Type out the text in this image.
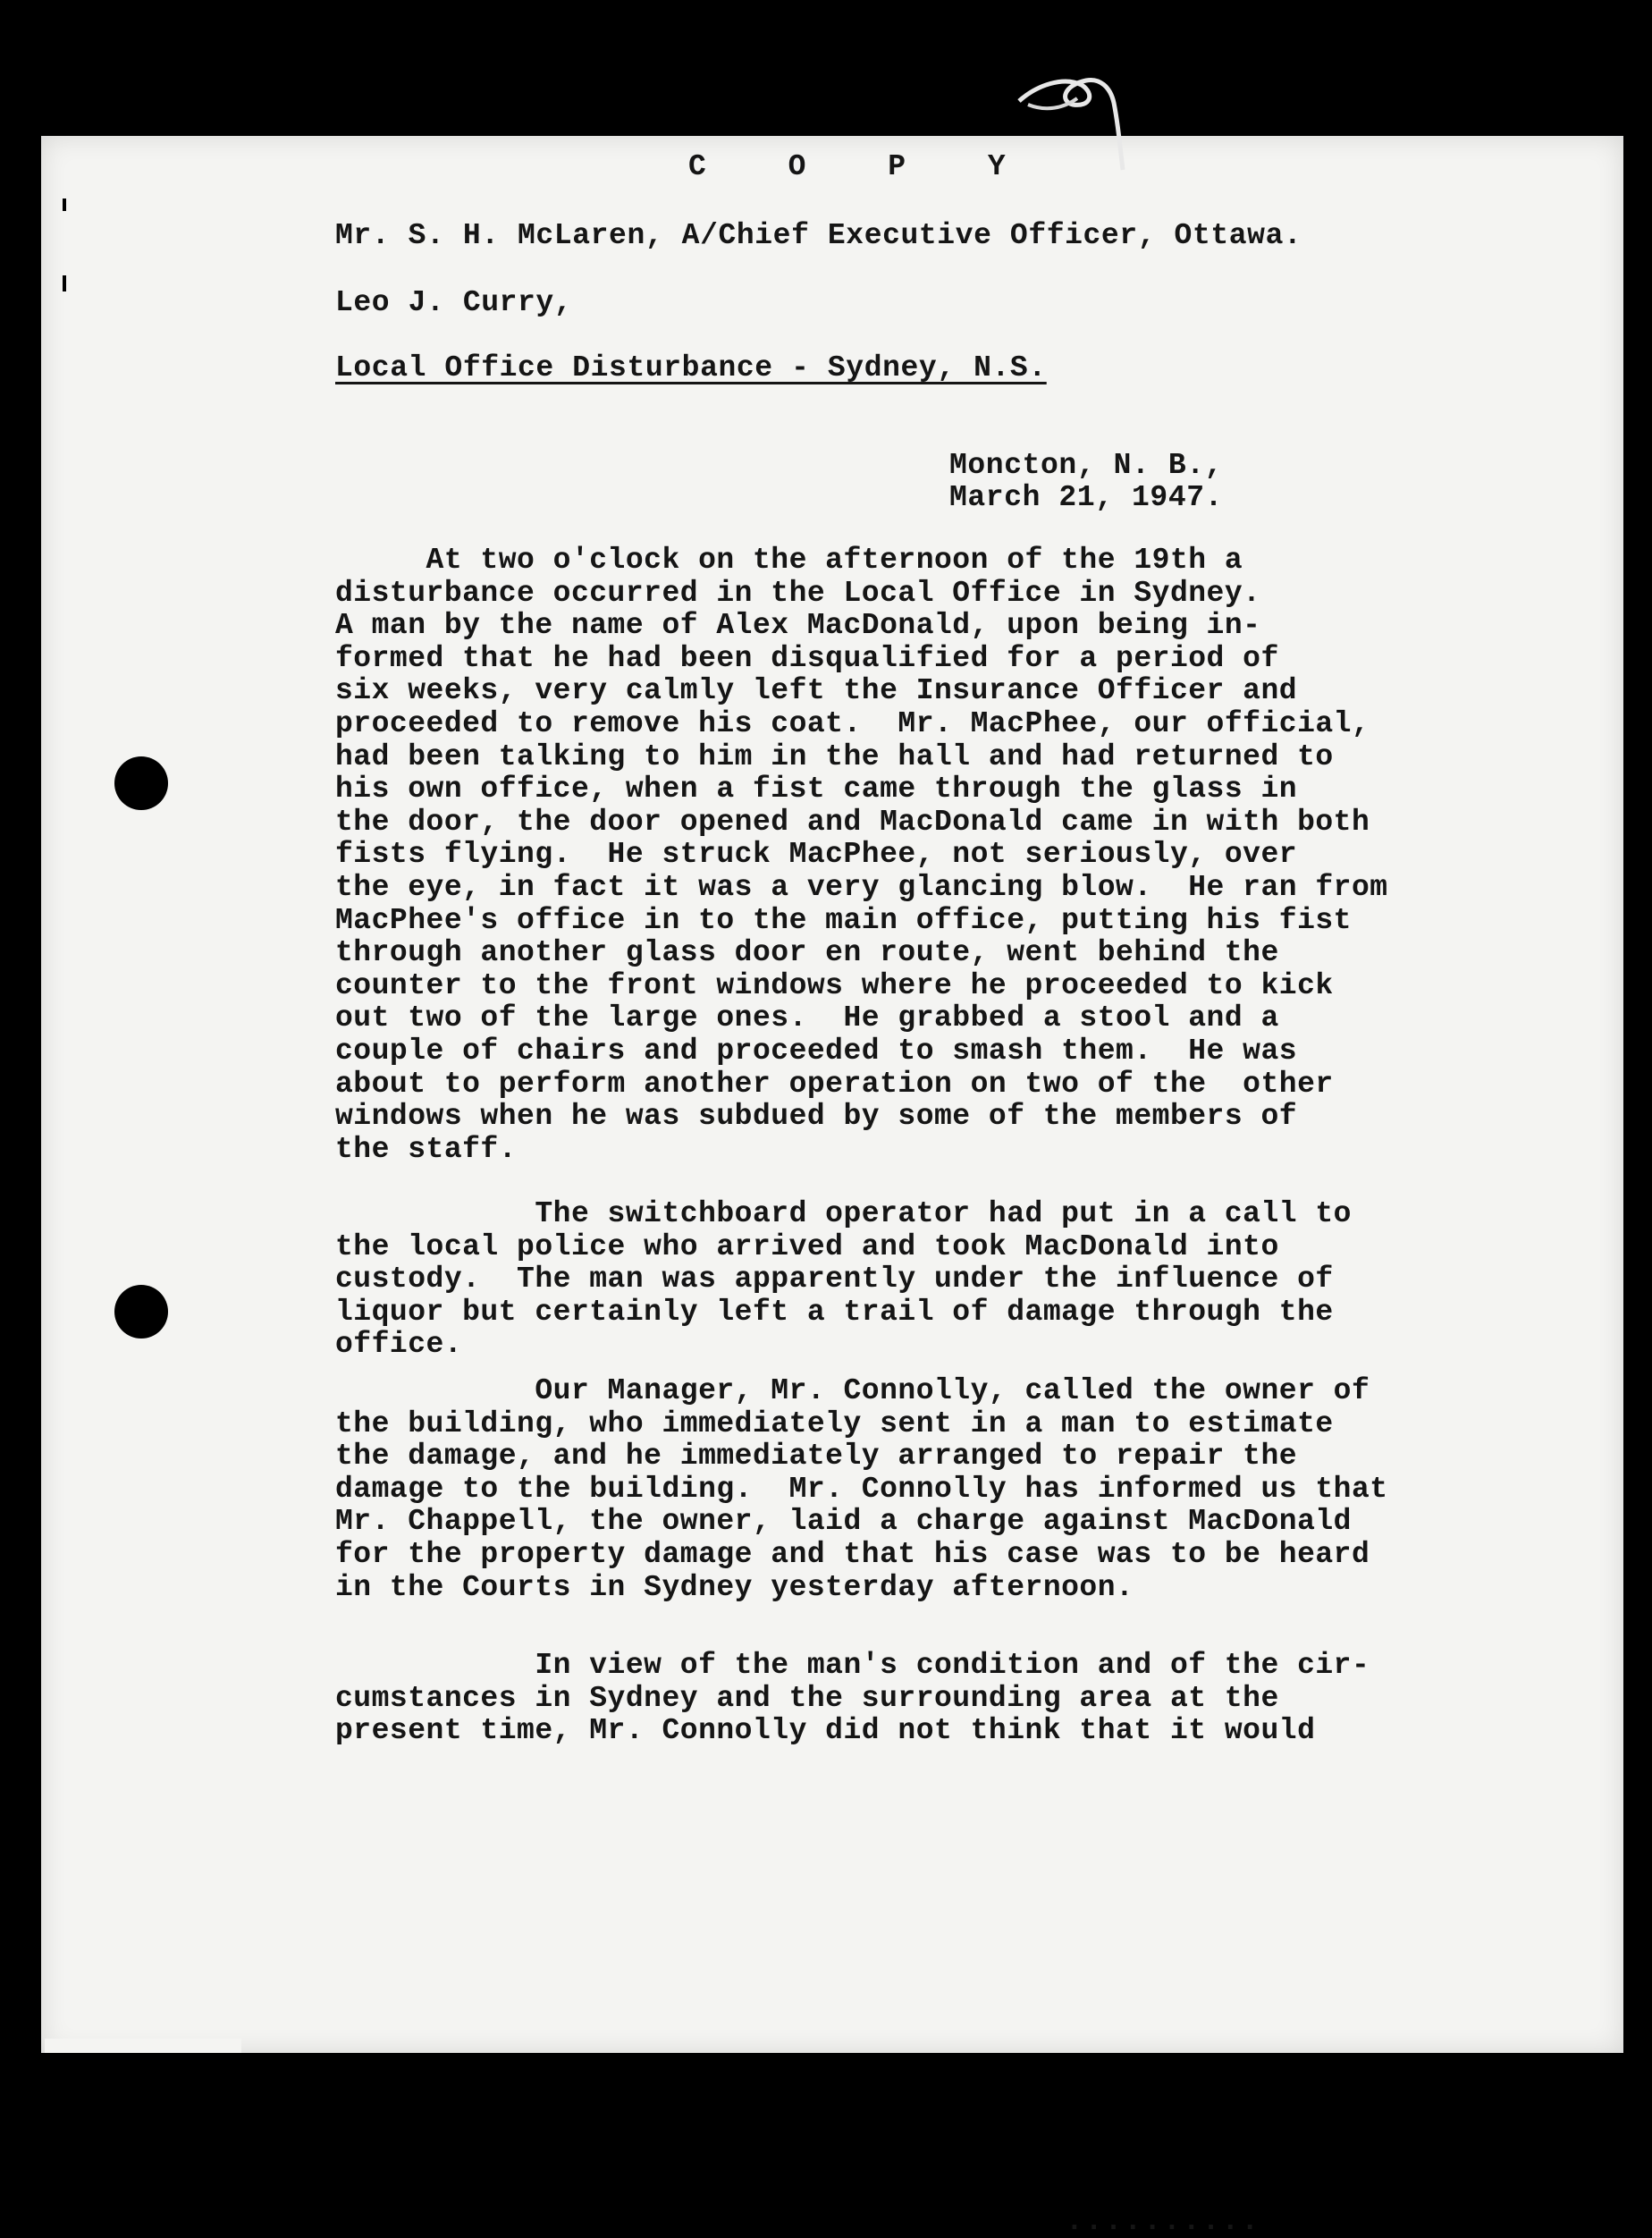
C O P Y
Mr. S. H. McLaren, A/Chief Executive Officer, Ottawa.
Leo J. Curry,
Local Office Disturbance - Sydney, N.S.
Moncton, N. B.,
March 21, 1947.
At two o'clock on the afternoon of the 19th a
disturbance occurred in the Local Office in Sydney.
A man by the name of Alex MacDonald, upon being in-
formed that he had been disqualified for a period of
six weeks, very calmly left the Insurance Officer and
proceeded to remove his coat.  Mr. MacPhee, our official,
had been talking to him in the hall and had returned to
his own office, when a fist came through the glass in
the door, the door opened and MacDonald came in with both
fists flying.  He struck MacPhee, not seriously, over
the eye, in fact it was a very glancing blow.  He ran from
MacPhee's office in to the main office, putting his fist
through another glass door en route, went behind the
counter to the front windows where he proceeded to kick
out two of the large ones.  He grabbed a stool and a
couple of chairs and proceeded to smash them.  He was
about to perform another operation on two of the  other
windows when he was subdued by some of the members of
the staff.
The switchboard operator had put in a call to
the local police who arrived and took MacDonald into
custody.  The man was apparently under the influence of
liquor but certainly left a trail of damage through the
office.
Our Manager, Mr. Connolly, called the owner of
the building, who immediately sent in a man to estimate
the damage, and he immediately arranged to repair the
damage to the building.  Mr. Connolly has informed us that
Mr. Chappell, the owner, laid a charge against MacDonald
for the property damage and that his case was to be heard
in the Courts in Sydney yesterday afternoon.
In view of the man's condition and of the cir-
cumstances in Sydney and the surrounding area at the
present time, Mr. Connolly did not think that it would
..........
